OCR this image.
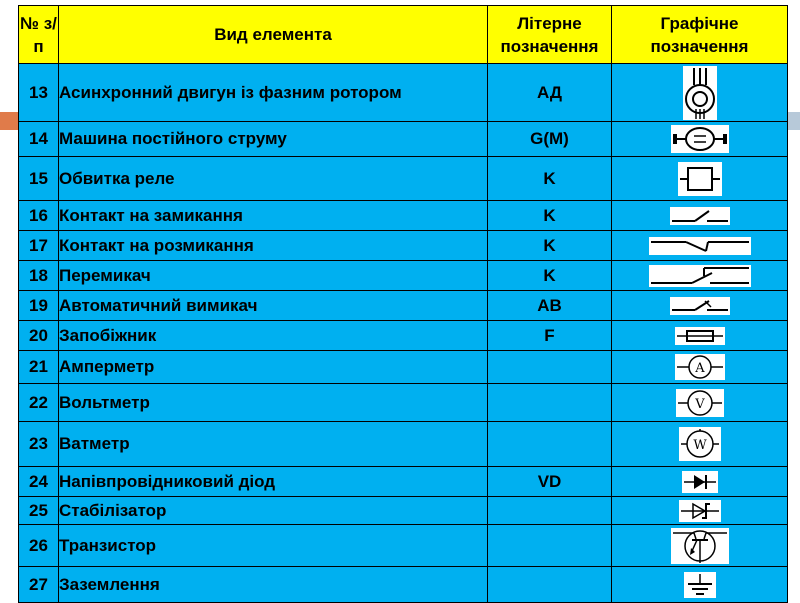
№ з/п	Вид елемента	Літерне позначення	Графічне позначення
13	Асинхронний двигун із фазним ротором	АД	

14	Машина постійного струму	G(M)	

15	Обвитка реле	K	

16	Контакт на замикання	K	

17	Контакт на розмикання	K	

18	Перемикач	K	

19	Автоматичний вимикач	АВ	

20	Запобіжник	F	

21	Амперметр		A

22	Вольтметр		V

23	Ватметр		W

24	Напівпровідниковий діод	VD	

25	Стабілізатор		

26	Транзистор		

27	Заземлення		
